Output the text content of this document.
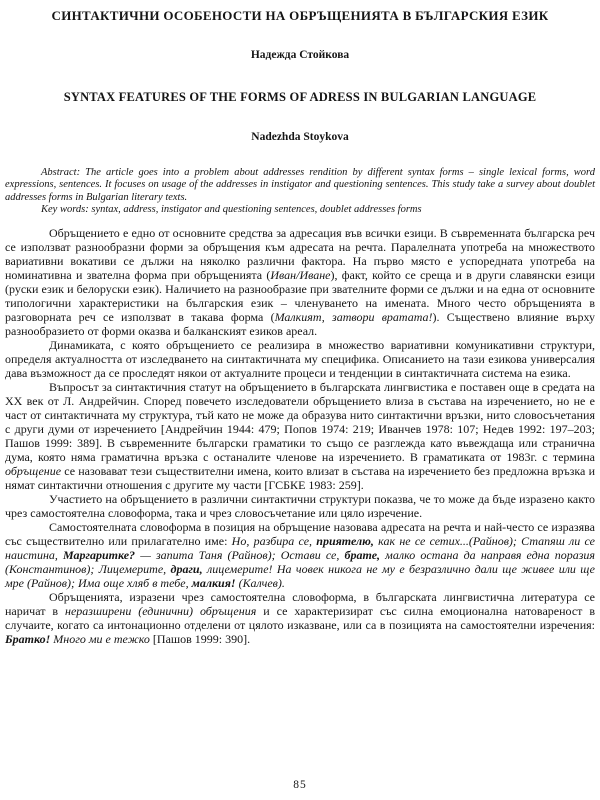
СИНТАКТИЧНИ ОСОБЕНОСТИ НА ОБРЪЩЕНИЯТА В БЪЛГАРСКИЯ ЕЗИК
Надежда Стойкова
SYNTAX FEATURES OF THE FORMS OF ADRESS IN BULGARIAN LANGUAGE
Nadezhda Stoykova

Abstract: The article goes into a problem about addresses rendition by different syntax forms – single lexical forms, word expressions, sentences. It focuses on usage of the addresses in instigator and questioning sentences. This study take a survey about doublet addresses forms in Bulgarian literary texts.

Key words: syntax, address, instigator and questioning sentences, doublet addresses forms

Обръщението е едно от основните средства за адресация във всички езици. В съвременната българска реч се използват разнообразни форми за обръщения към адресата на речта. Паралелната употреба на множеството вариативни вокативи се дължи на няколко различни фактора. На първо място е успоредната употреба на номинативна и звателна форма при обръщенията (Иван/Иване), факт, който се среща и в други славянски езици (руски език и белоруски език). Наличието на разнообразие при звателните форми се дължи и на една от основните типологични характеристики на българския език – членуването на имената. Много често обръщенията в разговорната реч се използват в такава форма (Малкият, затвори вратата!). Съществено влияние върху разнообразието от форми оказва и балканският езиков ареал.

Динамиката, с която обръщението се реализира в множество вариативни комуникативни структури, определя актуалността от изследването на синтактичната му специфика. Описанието на тази езикова универсалия дава възможност да се проследят някои от актуалните процеси и тенденции в синтактичната система на езика.

Въпросът за синтактичния статут на обръщението в българската лингвистика е поставен още в средата на ХХ век от Л. Андрейчин. Според повечето изследователи обръщението влиза в състава на изречението, но не е част от синтактичната му структура, тъй като не може да образува нито синтактични връзки, нито словосъчетания с други думи от изречението [Андрейчин 1944: 479; Попов 1974: 219; Иванчев 1978: 107; Недев 1992: 197–203; Пашов 1999: 389]. В съвременните български граматики то също се разглежда като въвеждаща или странична дума, която няма граматична връзка с останалите членове на изречението. В граматиката от 1983г. с термина обръщение се назовават тези съществителни имена, които влизат в състава на изречението без предложна връзка и нямат синтактични отношения с другите му части [ГСБКЕ 1983: 259].

Участието на обръщението в различни синтактични структури показва, че то може да бъде изразено както чрез самостоятелна словоформа, така и чрез словосъчетание или цяло изречение.

Самостоятелната словоформа в позиция на обръщение назовава адресата на речта и най-често се изразява със съществително или прилагателно име: Но, разбира се, приятелю, как не се сетих...(Райнов); Стапяш ли се наистина, Маргаритке? — запита Таня (Райнов); Остави се, брате, малко остана да направя една поразия (Константинов); Лицемерите, драги, лицемерите! На човек никога не му е безразлично дали ще живее или ще мре (Райнов); Има още хляб в тебе, малкия! (Калчев).

Обръщенията, изразени чрез самостоятелна словоформа, в българската лингвистична литература се наричат в неразширени (единични) обръщения и се характеризират със силна емоционална натовареност в случаите, когато са интонационно отделени от цялото изказване, или са в позицията на самостоятелни изречения: Братко! Много ми е тежко [Пашов 1999: 390].

85
